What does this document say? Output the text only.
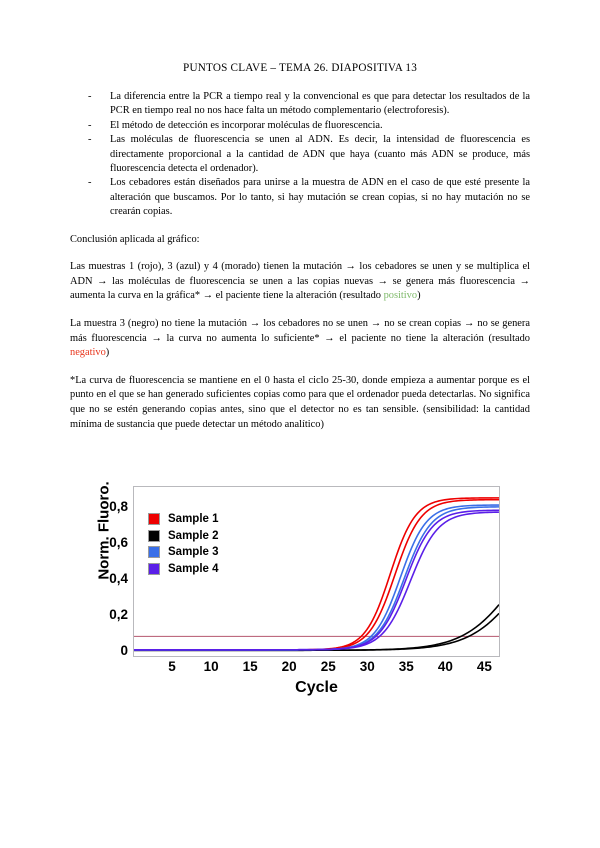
PUNTOS CLAVE – TEMA 26. DIAPOSITIVA 13
- La diferencia entre la PCR a tiempo real y la convencional es que para detectar los resultados de la PCR en tiempo real no nos hace falta un método complementario (electroforesis).
- El método de detección es incorporar moléculas de fluorescencia.
- Las moléculas de fluorescencia se unen al ADN. Es decir, la intensidad de fluorescencia es directamente proporcional a la cantidad de ADN que haya (cuanto más ADN se produce, más fluorescencia detecta el ordenador).
- Los cebadores están diseñados para unirse a la muestra de ADN en el caso de que esté presente la alteración que buscamos. Por lo tanto, si hay mutación se crean copias, si no hay mutación no se crearán copias.

Conclusión aplicada al gráfico:

Las muestras 1 (rojo), 3 (azul) y 4 (morado) tienen la mutación → los cebadores se unen y se multiplica el ADN → las moléculas de fluorescencia se unen a las copias nuevas → se genera más fluorescencia → aumenta la curva en la gráfica* → el paciente tiene la alteración (resultado positivo)

La muestra 3 (negro) no tiene la mutación → los cebadores no se unen → no se crean copias → no se genera más fluorescencia → la curva no aumenta lo suficiente* → el paciente no tiene la alteración (resultado negativo)

*La curva de fluorescencia se mantiene en el 0 hasta el ciclo 25-30, donde empieza a aumentar porque es el punto en el que se han generado suficientes copias como para que el ordenador pueda detectarlas. No significa que no se estén generando copias antes, sino que el detector no es tan sensible. (sensibilidad: la cantidad mínima de sustancia que puede detectar un método analítico)

Norm. Fluoro.
0
0,2
0,4
0,6
0,8
Sample 1
Sample 2
Sample 3
Sample 4
5	10	15	20	25	30	35	40	45
Cycle
